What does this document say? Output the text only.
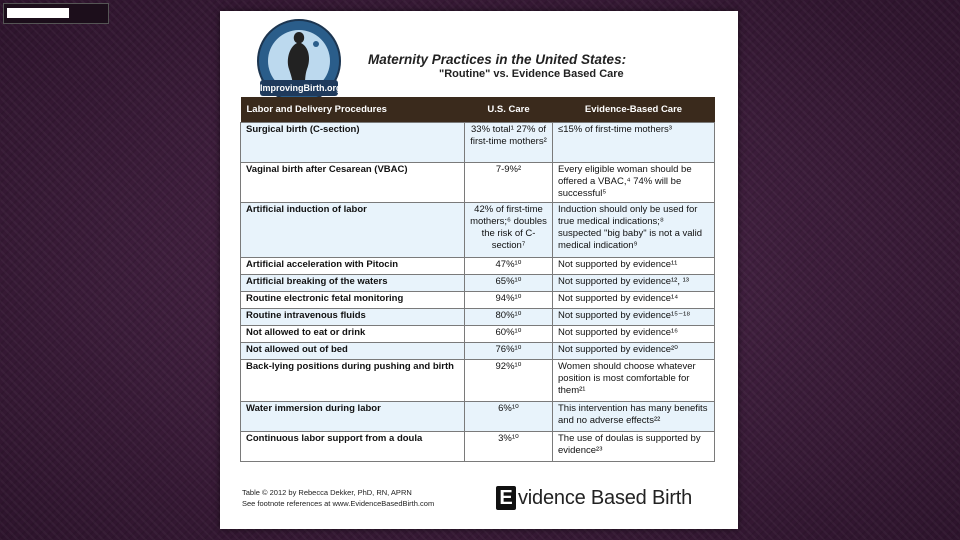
ImprovingBirth.org
Maternity Practices in the United States:
"Routine" vs. Evidence Based Care
Labor and Delivery Procedures	U.S. Care	Evidence-Based Care
Surgical birth (C-section)	33% total¹ 27% of first-time mothers²	≤15% of first-time mothers³
Vaginal birth after Cesarean (VBAC)	7-9%²	Every eligible woman should be offered a VBAC,⁴ 74% will be successful⁵
Artificial induction of labor	42% of first-time mothers;⁶ doubles the risk of C-section⁷	Induction should only be used for true medical indications;⁸ suspected "big baby" is not a valid medical indication⁹
Artificial acceleration with Pitocin	47%¹⁰	Not supported by evidence¹¹
Artificial breaking of the waters	65%¹⁰	Not supported by evidence¹², ¹³
Routine electronic fetal monitoring	94%¹⁰	Not supported by evidence¹⁴
Routine intravenous fluids	80%¹⁰	Not supported by evidence¹⁵⁻¹⁸
Not allowed to eat or drink	60%¹⁰	Not supported by evidence¹⁶
Not allowed out of bed	76%¹⁰	Not supported by evidence²⁰
Back-lying positions during pushing and birth	92%¹⁰	Women should choose whatever position is most comfortable for them²¹
Water immersion during labor	6%¹⁰	This intervention has many benefits and no adverse effects²²
Continuous labor support from a doula	3%¹⁰	The use of doulas is supported by evidence²³
Table © 2012 by Rebecca Dekker, PhD, RN, APRN
See footnote references at www.EvidenceBasedBirth.com	E vidence Based Birth
